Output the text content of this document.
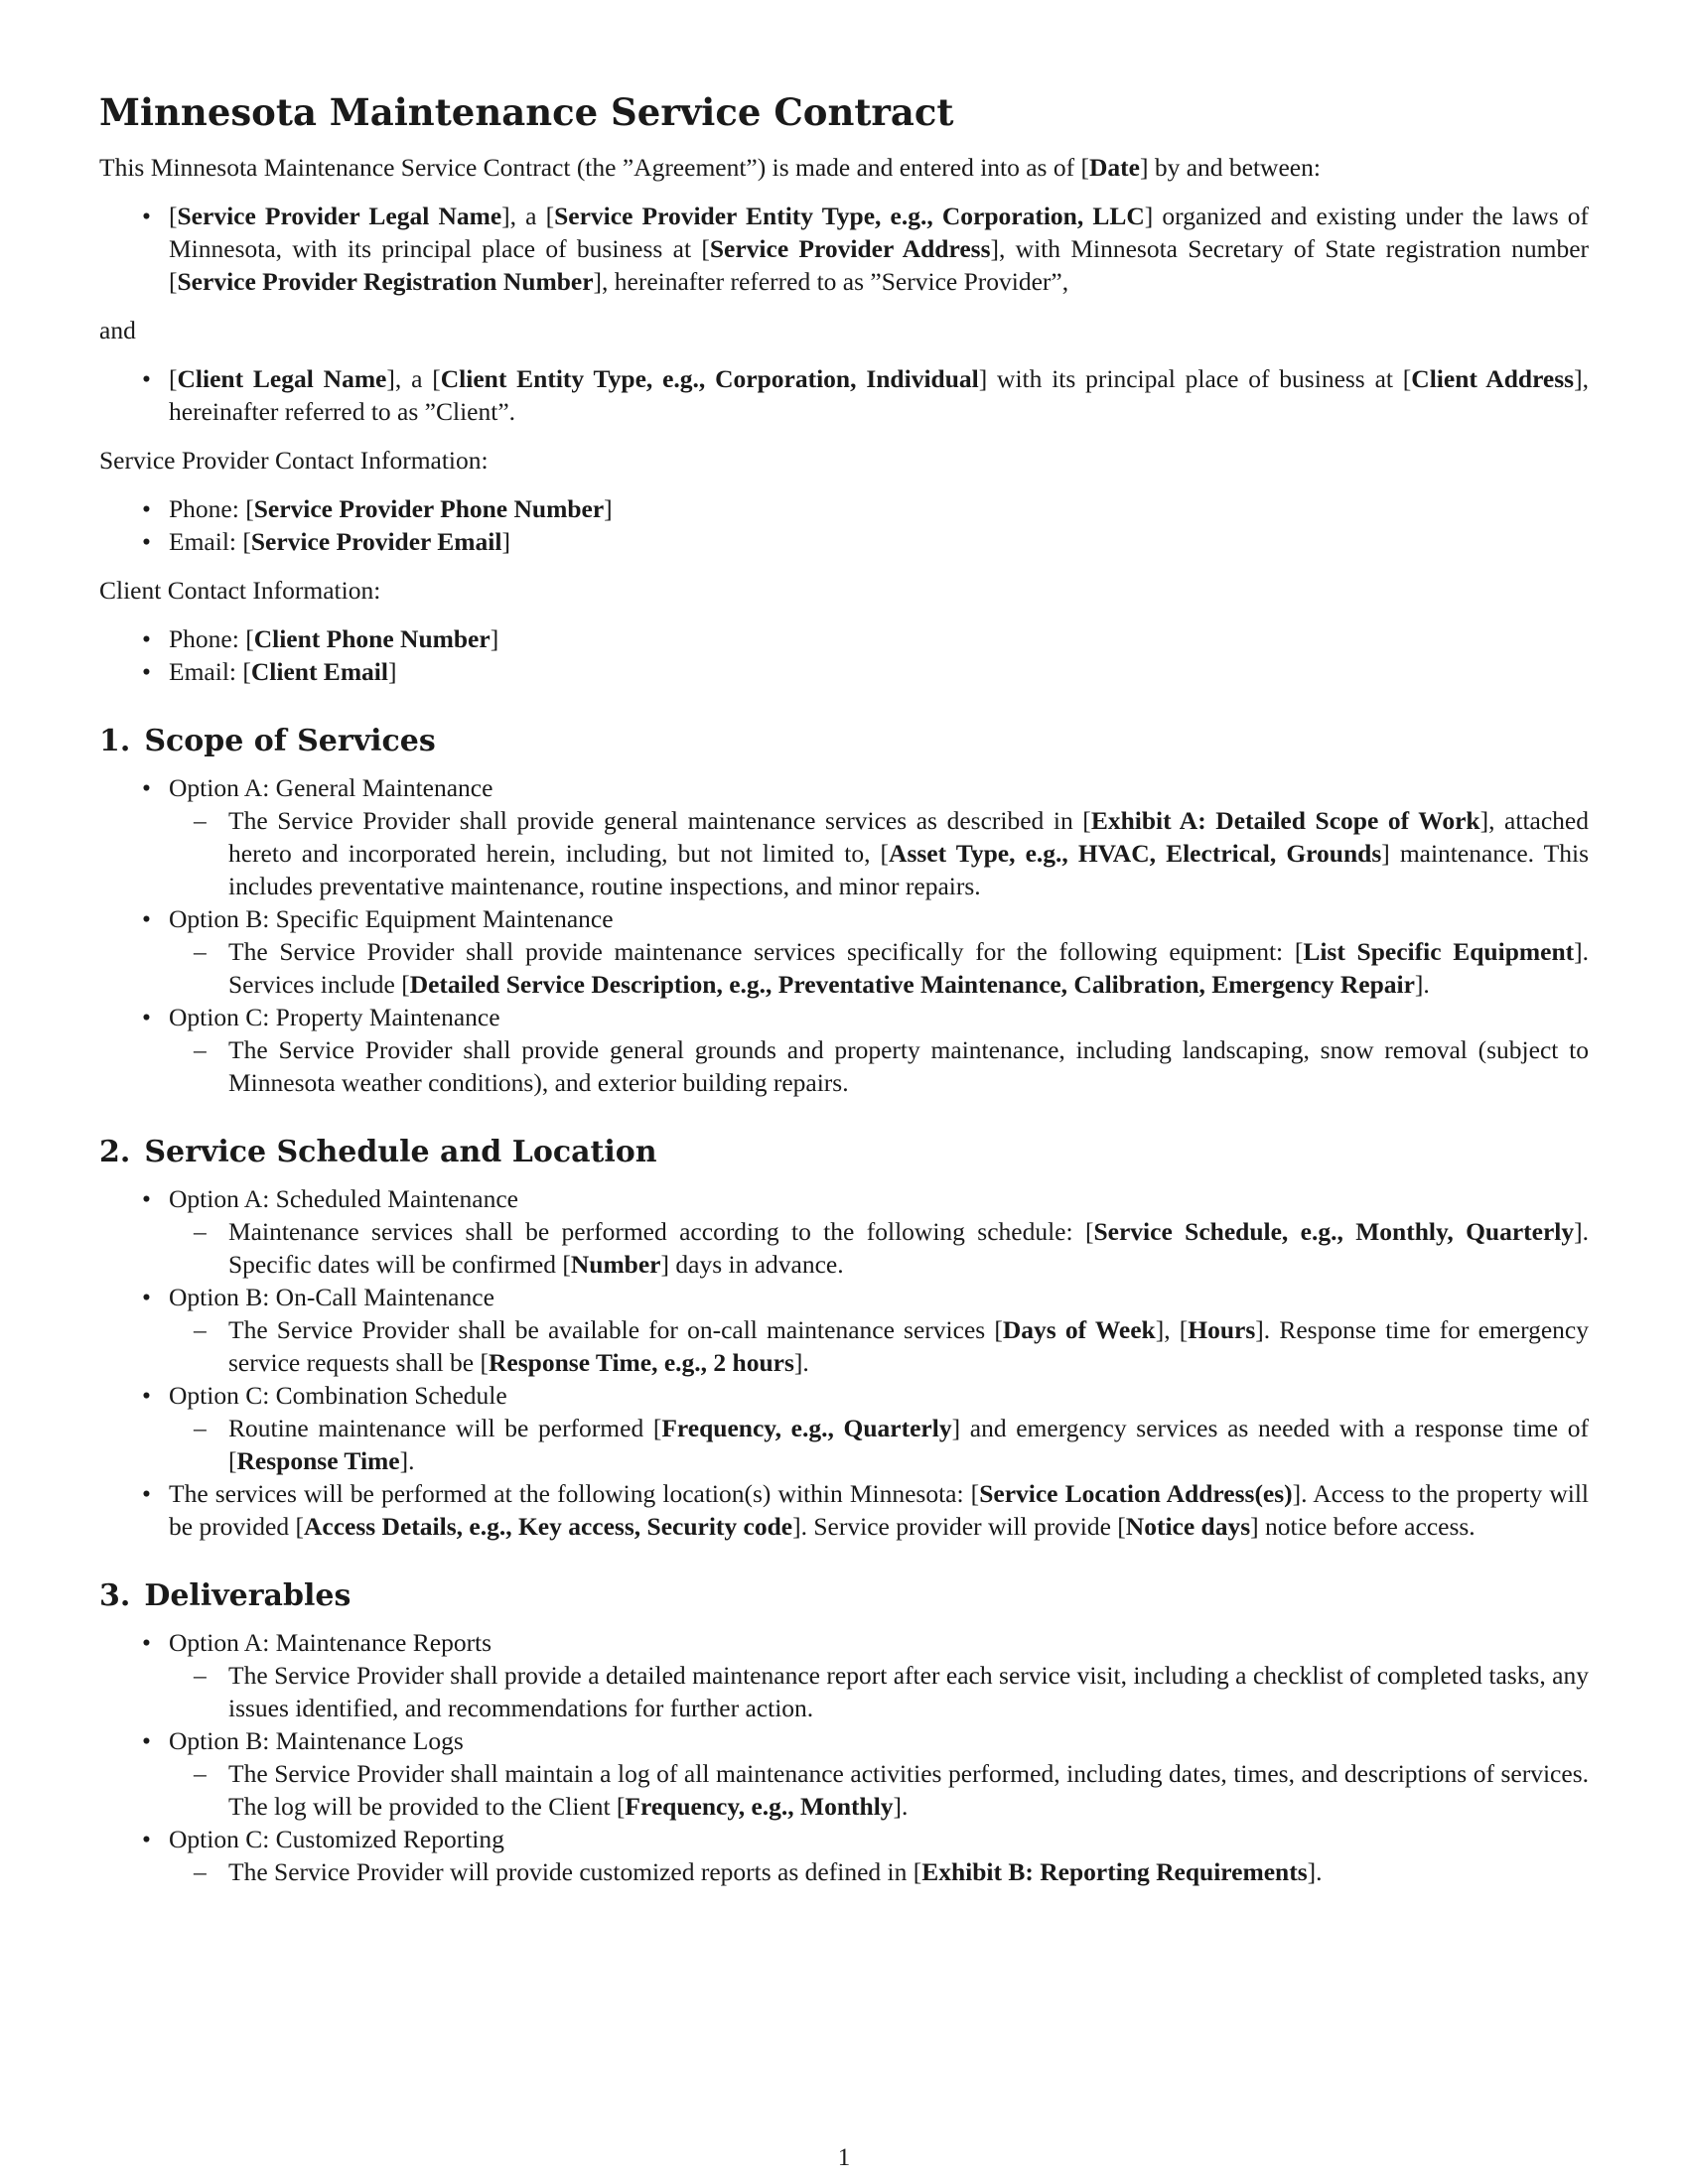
Minnesota Maintenance Service Contract

This Minnesota Maintenance Service Contract (the ”Agreement”) is made and entered into as of [Date] by and between:

• [Service Provider Legal Name], a [Service Provider Entity Type, e.g., Corporation, LLC] organized and existing under the laws of Minnesota, with its principal place of business at [Service Provider Address], with Minnesota Secretary of State registration number [Service Provider Registration Number], hereinafter referred to as ”Service Provider”,

and

• [Client Legal Name], a [Client Entity Type, e.g., Corporation, Individual] with its principal place of business at [Client Address], hereinafter referred to as ”Client”.

Service Provider Contact Information:

• Phone: [Service Provider Phone Number]
• Email: [Service Provider Email]

Client Contact Information:

• Phone: [Client Phone Number]
• Email: [Client Email]
1. Scope of Services
• Option A: General Maintenance
– The Service Provider shall provide general maintenance services as described in [Exhibit A: Detailed Scope of Work], attached hereto and incorporated herein, including, but not limited to, [Asset Type, e.g., HVAC, Electrical, Grounds] maintenance. This includes preventative maintenance, routine inspections, and minor repairs.
• Option B: Specific Equipment Maintenance
– The Service Provider shall provide maintenance services specifically for the following equipment: [List Specific Equipment]. Services include [Detailed Service Description, e.g., Preventative Maintenance, Calibration, Emergency Repair].
• Option C: Property Maintenance
– The Service Provider shall provide general grounds and property maintenance, including landscaping, snow removal (subject to Minnesota weather conditions), and exterior building repairs.
2. Service Schedule and Location
• Option A: Scheduled Maintenance
– Maintenance services shall be performed according to the following schedule: [Service Schedule, e.g., Monthly, Quarterly]. Specific dates will be confirmed [Number] days in advance.
• Option B: On-Call Maintenance
– The Service Provider shall be available for on-call maintenance services [Days of Week], [Hours]. Response time for emergency service requests shall be [Response Time, e.g., 2 hours].
• Option C: Combination Schedule
– Routine maintenance will be performed [Frequency, e.g., Quarterly] and emergency services as needed with a response time of [Response Time].
• The services will be performed at the following location(s) within Minnesota: [Service Location Address(es)]. Access to the property will be provided [Access Details, e.g., Key access, Security code]. Service provider will provide [Notice days] notice before access.
3. Deliverables
• Option A: Maintenance Reports
– The Service Provider shall provide a detailed maintenance report after each service visit, including a checklist of completed tasks, any issues identified, and recommendations for further action.
• Option B: Maintenance Logs
– The Service Provider shall maintain a log of all maintenance activities performed, including dates, times, and descriptions of services. The log will be provided to the Client [Frequency, e.g., Monthly].
• Option C: Customized Reporting
– The Service Provider will provide customized reports as defined in [Exhibit B: Reporting Requirements].
1
